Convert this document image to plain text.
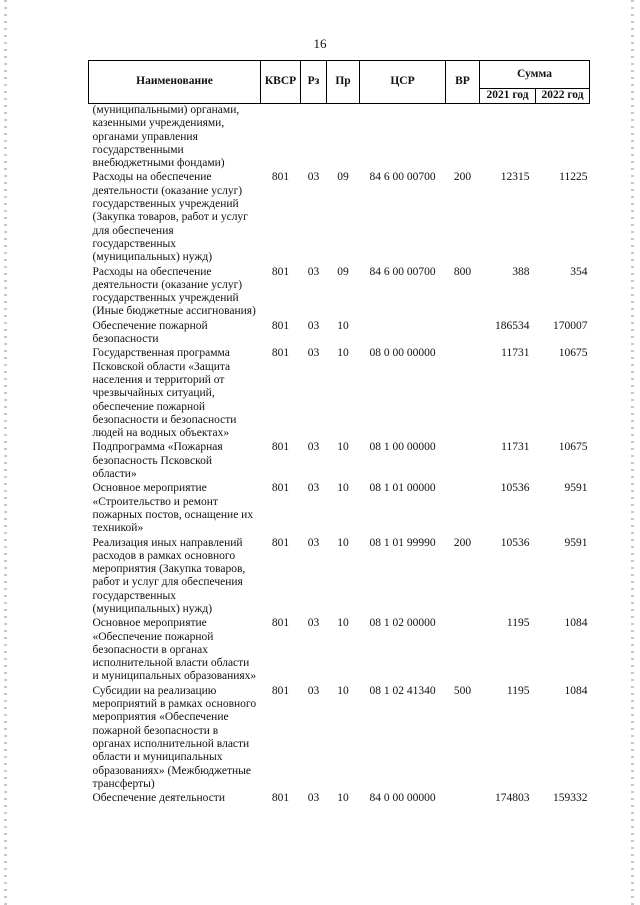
16
Наименование	КВСР	Рз	Пр	ЦСР	ВР	Сумма	
						2021 год	2022 год
(муниципальными) органами, казенными учреждениями, органами управления государственными внебюджетными фондами)							
Расходы на обеспечение деятельности (оказание услуг) государственных учреждений (Закупка товаров, работ и услуг для обеспечения государственных (муниципальных) нужд)	801	03	09	84 6 00 00700	200	12315	11225
Расходы на обеспечение деятельности (оказание услуг) государственных учреждений (Иные бюджетные ассигнования)	801	03	09	84 6 00 00700	800	388	354
Обеспечение пожарной безопасности	801	03	10			186534	170007
Государственная программа Псковской области «Защита населения и территорий от чрезвычайных ситуаций, обеспечение пожарной безопасности и безопасности людей на водных объектах»	801	03	10	08 0 00 00000		11731	10675
Подпрограмма «Пожарная безопасность Псковской области»	801	03	10	08 1 00 00000		11731	10675
Основное мероприятие «Строительство и ремонт пожарных постов, оснащение их техникой»	801	03	10	08 1 01 00000		10536	9591
Реализация иных направлений расходов в рамках основного мероприятия (Закупка товаров, работ и услуг для обеспечения государственных (муниципальных) нужд)	801	03	10	08 1 01 99990	200	10536	9591
Основное мероприятие «Обеспечение пожарной безопасности в органах исполнительной власти области и муниципальных образованиях»	801	03	10	08 1 02 00000		1195	1084
Субсидии на реализацию мероприятий в рамках основного мероприятия «Обеспечение пожарной безопасности в органах исполнительной власти области и муниципальных образованиях» (Межбюджетные трансферты)	801	03	10	08 1 02 41340	500	1195	1084
Обеспечение деятельности	801	03	10	84 0 00 00000		174803	159332
